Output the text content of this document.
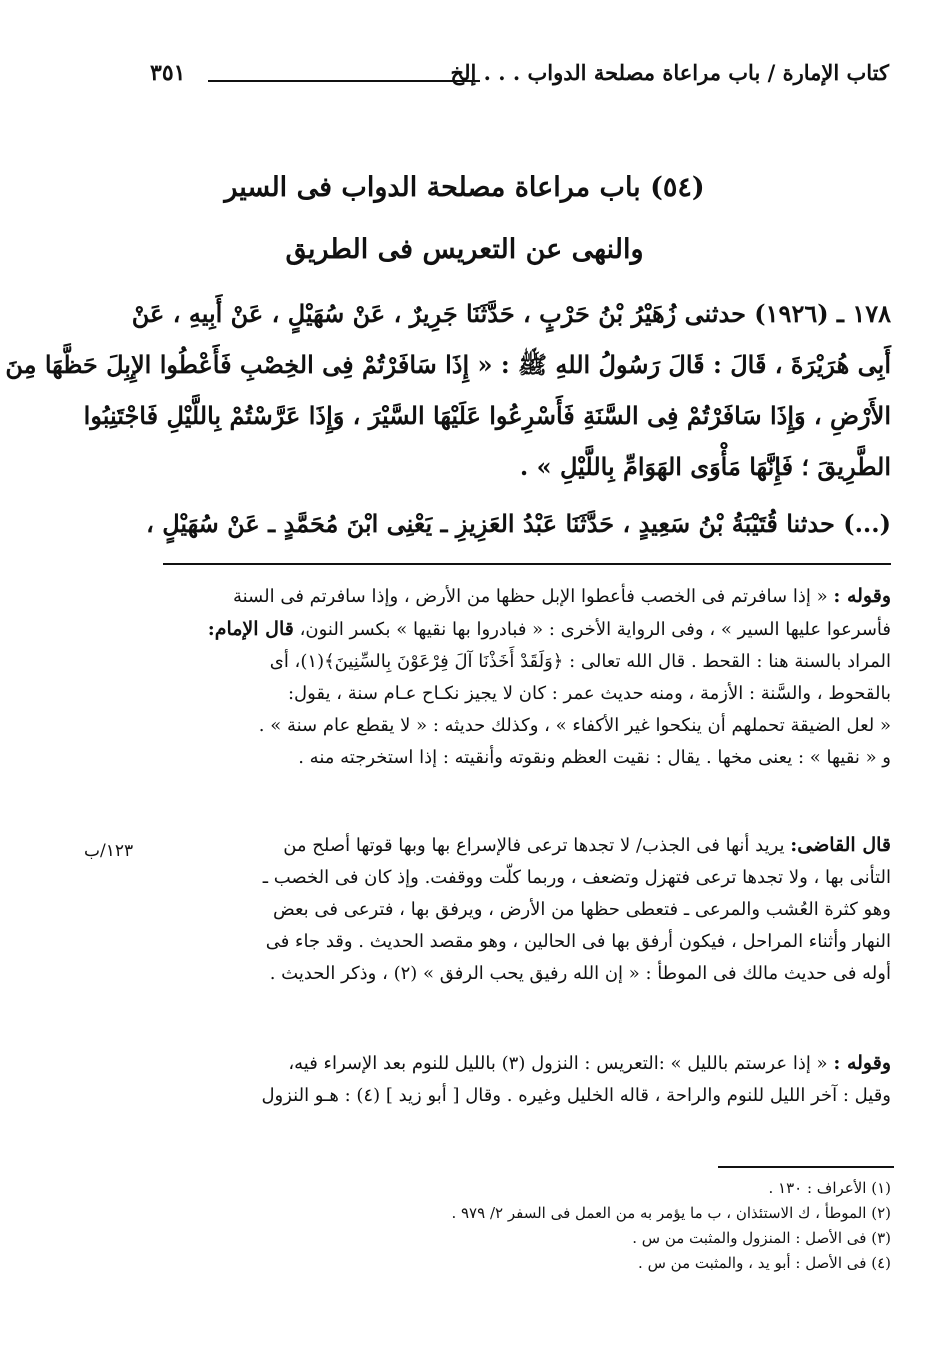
كتاب الإمارة / باب مراعاة مصلحة الدواب . . . إلخ
٣٥١
(٥٤) باب مراعاة مصلحة الدواب فى السير
والنهى عن التعريس فى الطريق

١٧٨ ـ (١٩٢٦) حدثنى زُهَيْرُ بْنُ حَرْبٍ ، حَدَّثَنَا جَرِيرٌ ، عَنْ سُهَيْلٍ ، عَنْ أَبِيهِ ، عَنْ

أَبِى هُرَيْرَةَ ، قَالَ : قَالَ رَسُولُ اللهِ ﷺ : « إِذَا سَافَرْتُمْ فِى الخِصْبِ فَأَعْطُوا الإِبِلَ حَظَّهَا مِنَ

الأَرْضِ ، وَإِذَا سَافَرْتُمْ فِى السَّنَةِ فَأَسْرِعُوا عَلَيْهَا السَّيْرَ ، وَإِذَا عَرَّسْتُمْ بِاللَّيْلِ فَاجْتَنِبُوا

الطَّرِيقَ ؛ فَإِنَّهَا مَأْوَى الهَوَامِّ بِاللَّيْلِ » .

(...) حدثنا قُتَيْبَةُ بْنُ سَعِيدٍ ، حَدَّثَنَا عَبْدُ العَزِيزِ ـ يَعْنِى ابْنَ مُحَمَّدٍ ـ عَنْ سُهَيْلٍ ،

وقوله : « إذا سافرتم فى الخصب فأعطوا الإبل حظها من الأرض ، وإذا سافرتم فى السنة

فأسرعوا عليها السير » ، وفى الرواية الأخرى : « فبادروا بها نقيها » بكسر النون، قال الإمام:

المراد بالسنة هنا : القحط . قال الله تعالى : ﴿وَلَقَدْ أَخَذْنَا آلَ فِرْعَوْنَ بِالسِّنِينَ﴾(١)، أى

بالقحوط ، والسَّنة : الأزمة ، ومنه حديث عمر : كان لا يجيز نكـاح عـام سنة ، يقول:

« لعل الضيقة تحملهم أن ينكحوا غير الأكفاء » ، وكذلك حديثه : « لا يقطع عام سنة » .

و « نقيها » : يعنى مخها . يقال : نقيت العظم ونقوته وأنقيته : إذا استخرجته منه .

قال القاضى: يريد أنها فى الجذب/ لا تجدها ترعى فالإسراع بها وبها قوتها أصلح من

التأنى بها ، ولا تجدها ترعى فتهزل وتضعف ، وربما كلّت ووقفت. وإذ كان فى الخصب ـ

وهو كثرة العُشب والمرعى ـ فتعطى حظها من الأرض ، ويرفق بها ، فترعى فى بعض

النهار وأثناء المراحل ، فيكون أرفق بها فى الحالين ، وهو مقصد الحديث . وقد جاء فى

أوله فى حديث مالك فى الموطأ : « إن الله رفيق يحب الرفق » (٢) ، وذكر الحديث .

١٢٣/ب

وقوله : « إذا عرستم بالليل » :التعريس : النزول (٣) بالليل للنوم بعد الإسراء فيه،

وقيل : آخر الليل للنوم والراحة ، قاله الخليل وغيره . وقال [ أبو زيد ] (٤) : هـو النزول

(١) الأعراف : ١٣٠ .

(٢) الموطأ ، ك الاستئذان ، ب ما يؤمر به من العمل فى السفر ٢/ ٩٧٩ .

(٣) فى الأصل : المنزول والمثبت من س .

(٤) فى الأصل : أبو يد ، والمثبت من س .
